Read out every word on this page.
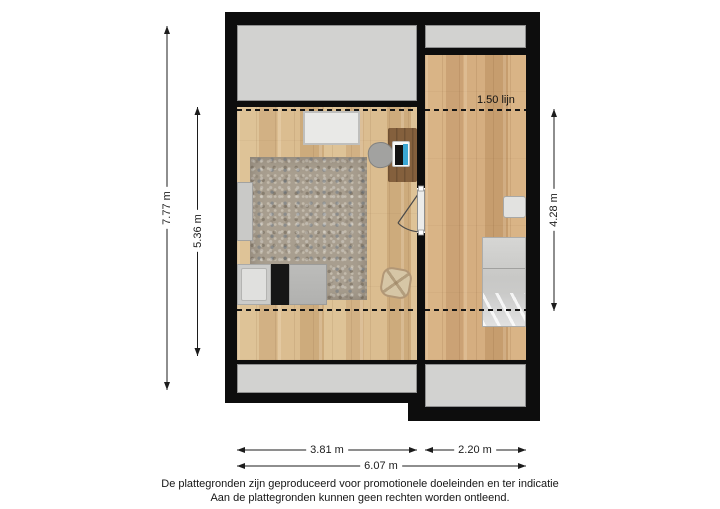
1.50 lijn
7.77 m
5.36 m
4.28 m
3.81 m	2.20 m
6.07 m
De plattegronden zijn geproduceerd voor promotionele doeleinden en ter indicatie
Aan de plattegronden kunnen geen rechten worden ontleend.
